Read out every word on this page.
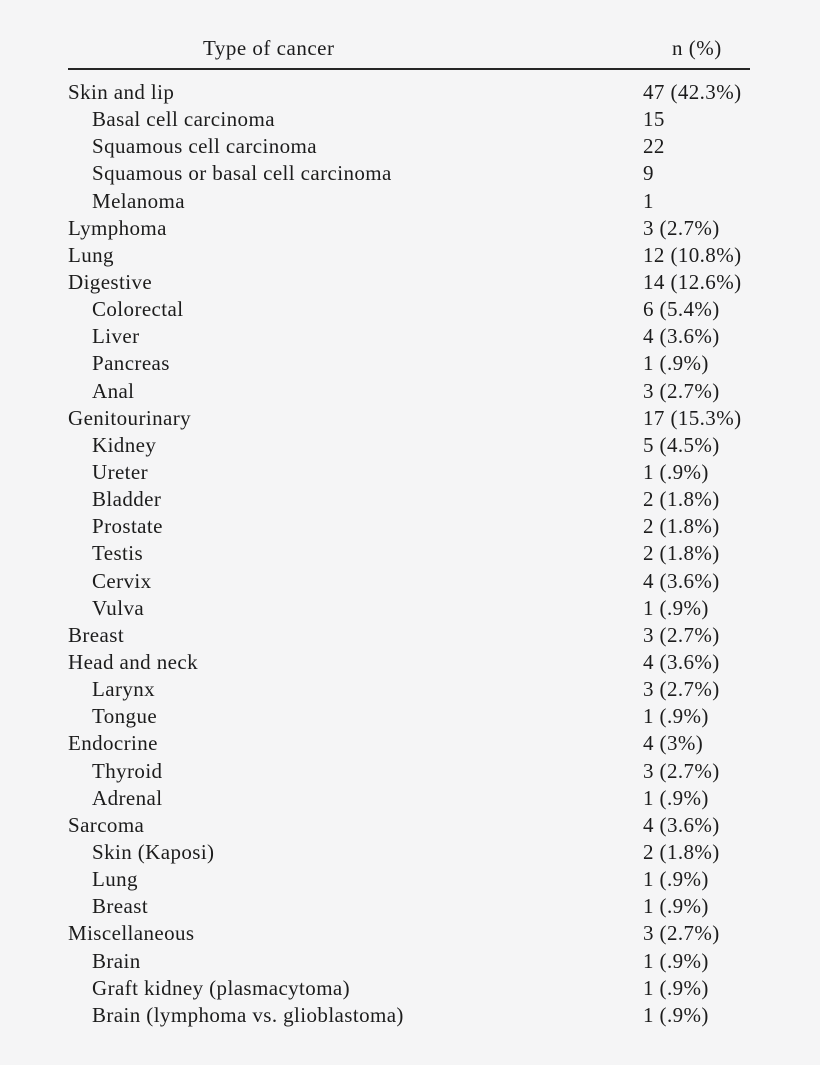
Type of cancer	n (%)
Skin and lip	47 (42.3%)
Basal cell carcinoma	15
Squamous cell carcinoma	22
Squamous or basal cell carcinoma	9
Melanoma	1
Lymphoma	3 (2.7%)
Lung	12 (10.8%)
Digestive	14 (12.6%)
Colorectal	6 (5.4%)
Liver	4 (3.6%)
Pancreas	1 (.9%)
Anal	3 (2.7%)
Genitourinary	17 (15.3%)
Kidney	5 (4.5%)
Ureter	1 (.9%)
Bladder	2 (1.8%)
Prostate	2 (1.8%)
Testis	2 (1.8%)
Cervix	4 (3.6%)
Vulva	1 (.9%)
Breast	3 (2.7%)
Head and neck	4 (3.6%)
Larynx	3 (2.7%)
Tongue	1 (.9%)
Endocrine	4 (3%)
Thyroid	3 (2.7%)
Adrenal	1 (.9%)
Sarcoma	4 (3.6%)
Skin (Kaposi)	2 (1.8%)
Lung	1 (.9%)
Breast	1 (.9%)
Miscellaneous	3 (2.7%)
Brain	1 (.9%)
Graft kidney (plasmacytoma)	1 (.9%)
Brain (lymphoma vs. glioblastoma)	1 (.9%)
